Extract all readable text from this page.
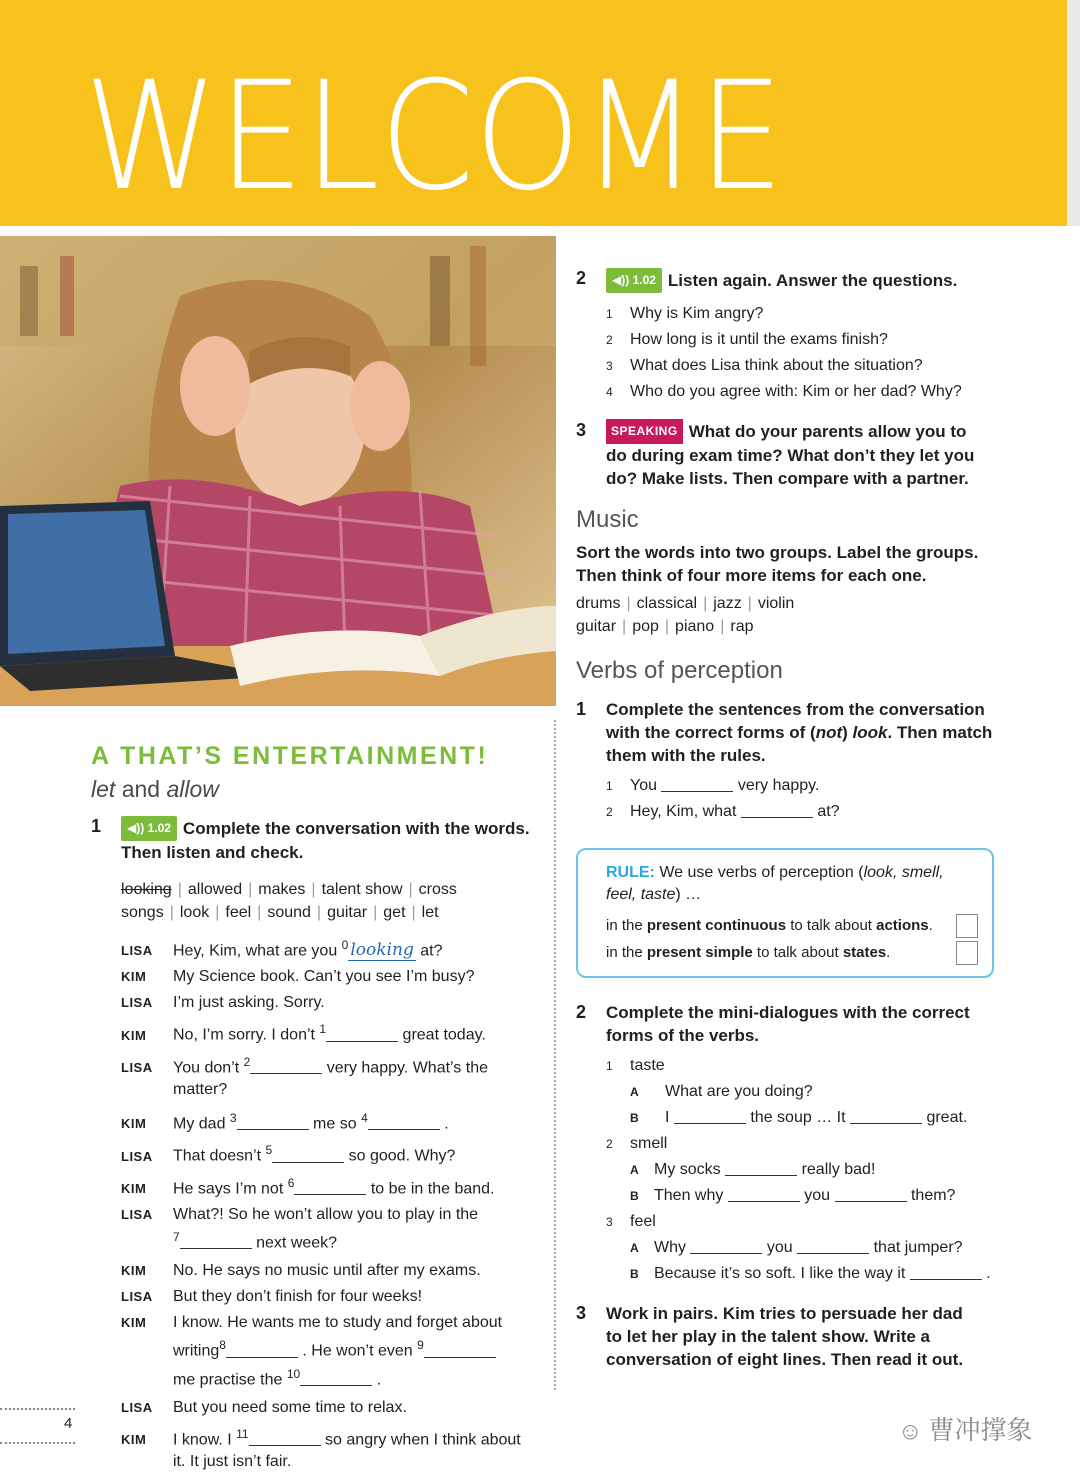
WELCOME
A THAT’S ENTERTAINMENT!
let and allow
1 ◀)) 1.02 Complete the conversation with the words. Then listen and check.
looking | allowed | makes | talent show | cross
songs | look | feel | sound | guitar | get | let
LISA Hey, Kim, what are you $^0$ looking at?
KIM My Science book. Can’t you see I’m busy?
LISA I’m just asking. Sorry.
KIM No, I’m sorry. I don’t $^1$	great today.
LISA You don’t $^2$	very happy. What’s the
matter?
KIM My dad $^3$	me so $^4$	.
LISA That doesn’t $^5$	so good. Why?
KIM He says I’m not $^6$	to be in the band.
LISA What?! So he won’t allow you to play in the
$^7$	next week?
KIM No. He says no music until after my exams.
LISA But they don’t finish for four weeks!
KIM I know. He wants me to study and forget about
writing$^8$	. He won’t even $^9$
me practise the $^{10}$	.
LISA But you need some time to relax.
KIM I know. I $^{11}$	so angry when I think about
it. It just isn’t fair.
2 ◀)) 1.02 Listen again. Answer the questions.
1 Why is Kim angry?
2 How long is it until the exams finish?
3 What does Lisa think about the situation?
4 Who do you agree with: Kim or her dad? Why?
3 SPEAKING What do your parents allow you to
do during exam time? What don’t they let you
do? Make lists. Then compare with a partner.
Music
Sort the words into two groups. Label the groups.
Then think of four more items for each one.
drums | classical | jazz | violin
guitar | pop | piano | rap
Verbs of perception
1 Complete the sentences from the conversation
with the correct forms of (not) look. Then match
them with the rules.
1 You	very happy.
2 Hey, Kim, what	at?
RULE: We use verbs of perception (look, smell,
feel, taste) …
in the present continuous to talk about actions.
in the present simple to talk about states.
2 Complete the mini-dialogues with the correct
forms of the verbs.
1 taste
A What are you doing?
B I	the soup … It	great.
2 smell
A My socks	really bad!
B Then why	you	them?
3 feel
A Why	you	that jumper?
B Because it’s so soft. I like the way it	.
3 Work in pairs. Kim tries to persuade her dad
to let her play in the talent show. Write a
conversation of eight lines. Then read it out.
4	☺ 曹冲撑象
